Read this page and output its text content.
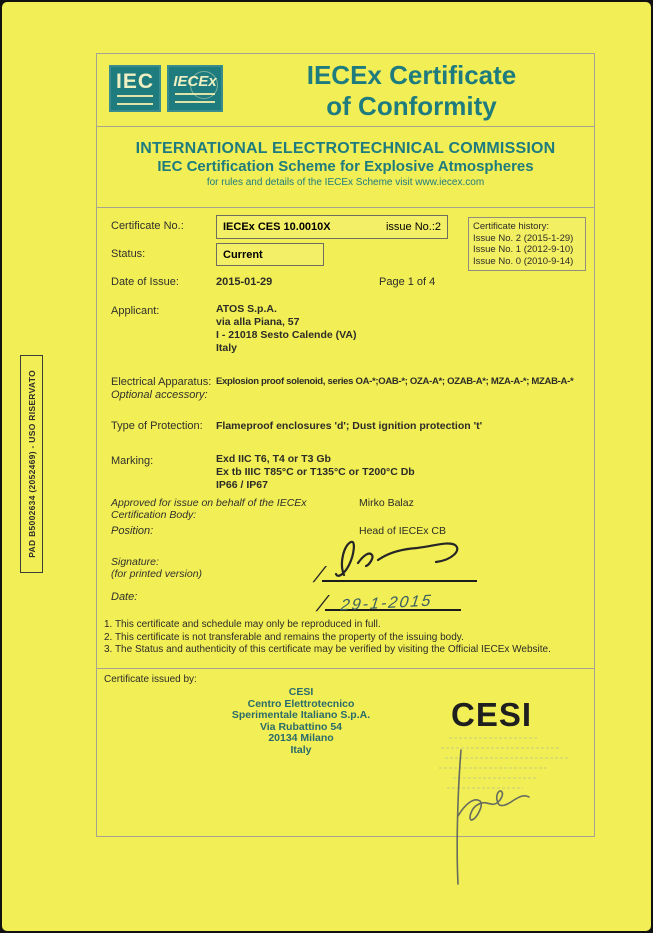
PAD B5002634 (2052469) - USO RISERVATO
IEC IECEx	IECEx Certificate
of Conformity
INTERNATIONAL ELECTROTECHNICAL COMMISSION
IEC Certification Scheme for Explosive Atmospheres
for rules and details of the IECEx Scheme visit www.iecex.com
Certificate No.:	IECEx CES 10.0010X	issue No.:2	Certificate history:
Issue No. 2 (2015-1-29)
Issue No. 1 (2012-9-10)
Issue No. 0 (2010-9-14)
Status:	Current
Date of Issue:	2015-01-29	Page 1 of 4
Applicant:	ATOS S.p.A.
via alla Piana, 57
I - 21018 Sesto Calende (VA)
Italy
Electrical Apparatus:
Optional accessory:
Explosion proof solenoid, series OA-*;OAB-*; OZA-A*; OZAB-A*; MZA-A-*; MZAB-A-*
Type of Protection: Flameproof enclosures 'd'; Dust ignition protection 't'
Marking:	Exd IIC T6, T4 or T3 Gb
Ex tb IIIC T85°C or T135°C or T200°C Db
IP66 / IP67
Approved for issue on behalf of the IECEx
Certification Body:
Mirko Balaz
Position:	Head of IECEx CB
Signature:
(for printed version)	/
Date:	/ 29-1-2015
1. This certificate and schedule may only be reproduced in full.
2. This certificate is not transferable and remains the property of the issuing body.
3. The Status and authenticity of this certificate may be verified by visiting the Official IECEx Website.
Certificate issued by:
CESI
Centro Elettrotecnico
Sperimentale Italiano S.p.A.
Via Rubattino 54
20134 Milano
Italy
CESI
